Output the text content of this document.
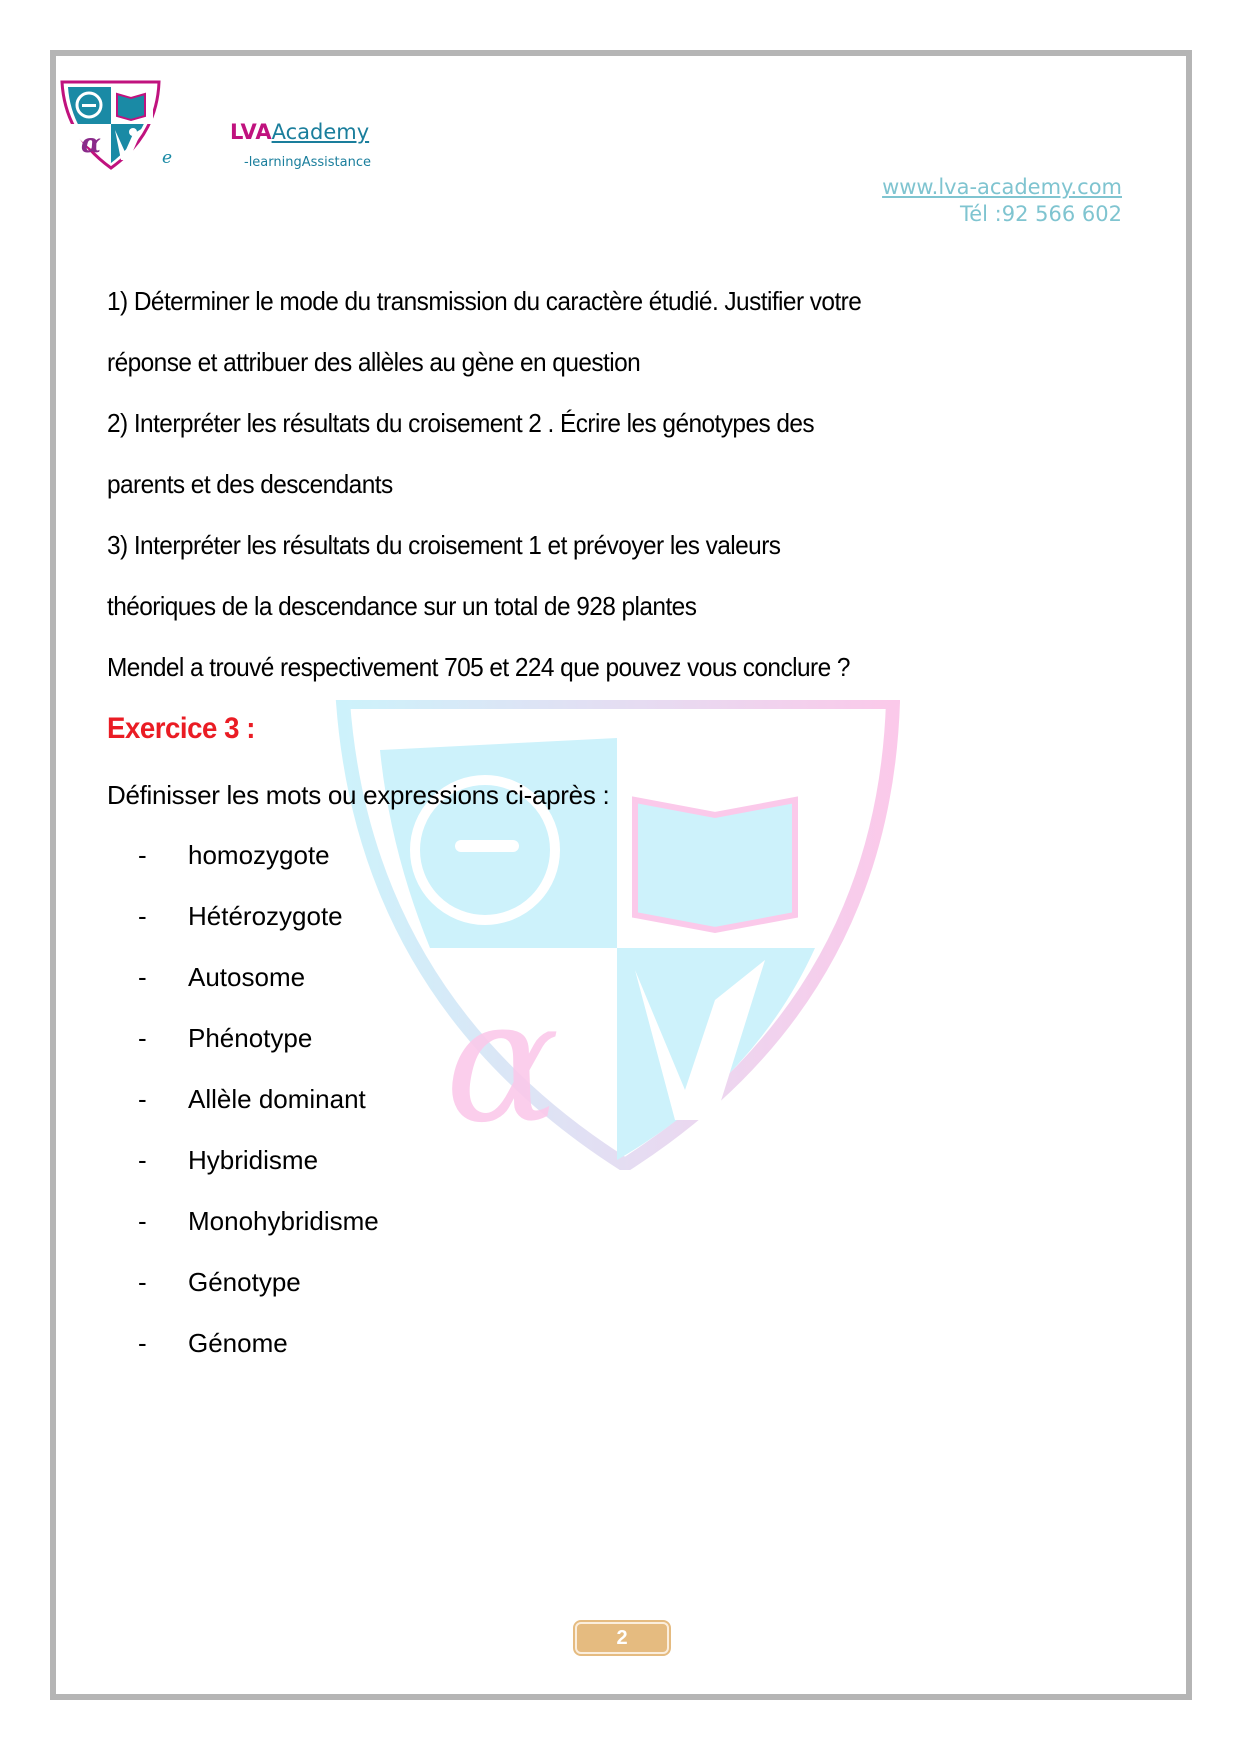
α	e
LVAAcademy
-learningAssistance
www.lva-academy.com
Tél :92 566 602
α
1) Déterminer le mode du transmission du caractère étudié. Justifier votre
réponse et attribuer des allèles au gène en question
2) Interpréter les résultats du croisement 2 . Écrire les génotypes des
parents et des descendants
3) Interpréter les résultats du croisement 1 et prévoyer les valeurs
théoriques de la descendance sur un total de 928 plantes
Mendel a trouvé respectivement 705 et 224 que pouvez vous conclure ?
Exercice 3 :
Définisser les mots ou expressions ci-après :
- homozygote
- Hétérozygote
- Autosome
- Phénotype
- Allèle dominant
- Hybridisme
- Monohybridisme
- Génotype
- Génome
2
